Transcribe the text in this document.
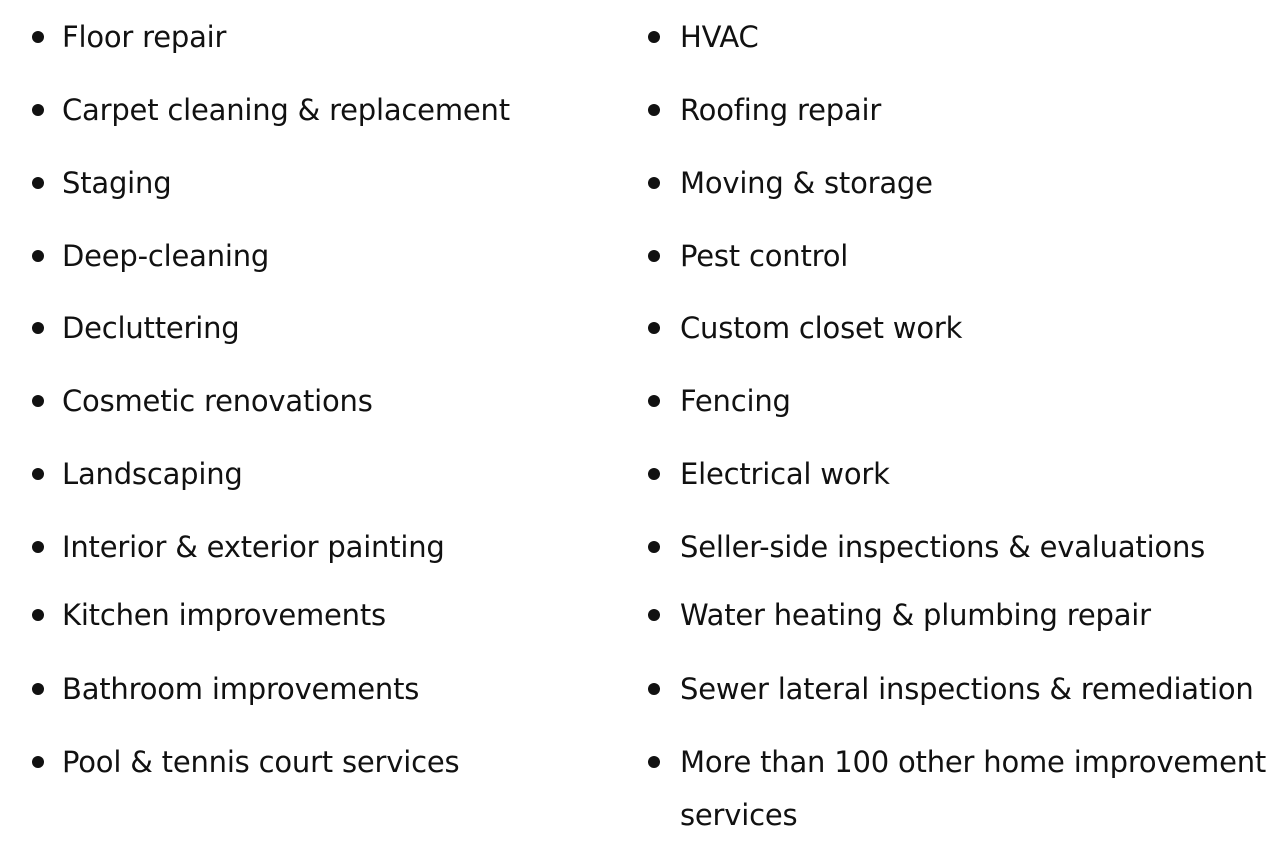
Floor repair
Carpet cleaning & replacement
Staging
Deep-cleaning
Decluttering
Cosmetic renovations
Landscaping
Interior & exterior painting
Kitchen improvements
Bathroom improvements
Pool & tennis court services
HVAC
Roofing repair
Moving & storage
Pest control
Custom closet work
Fencing
Electrical work
Seller-side inspections & evaluations
Water heating & plumbing repair
Sewer lateral inspections & remediation
More than 100 other home improvement services
